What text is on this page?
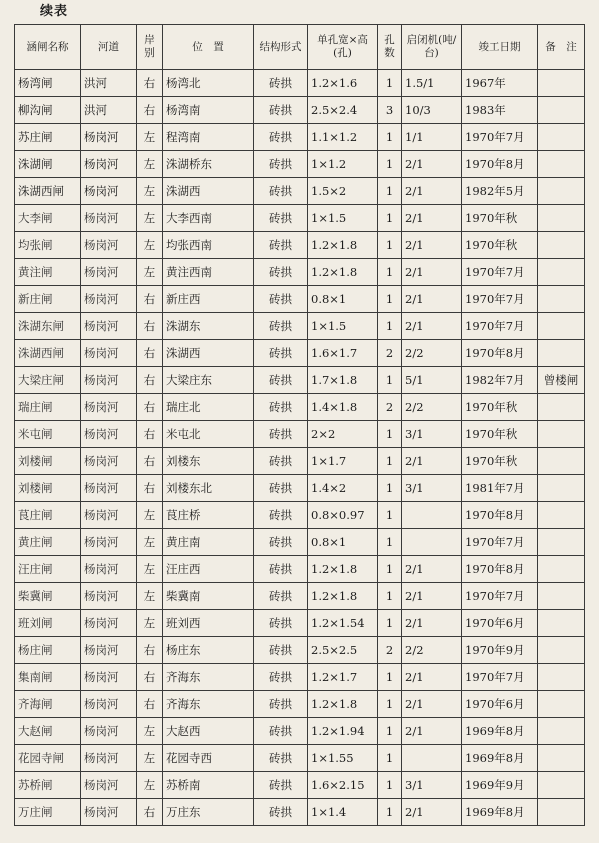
续表
涵闸名称	河道	岸别	位　置	结构形式	单孔宽×高(孔)	孔数	启闭机(吨/台)	竣工日期	备　注
杨湾闸	洪河	右	杨湾北	砖拱	1.2×1.6	1	1.5/1	1967年	
柳沟闸	洪河	右	杨湾南	砖拱	2.5×2.4	3	10/3	1983年	
苏庄闸	杨岗河	左	程湾南	砖拱	1.1×1.2	1	1/1	1970年7月	
洙湖闸	杨岗河	左	洙湖桥东	砖拱	1×1.2	1	2/1	1970年8月	
洙湖西闸	杨岗河	左	洙湖西	砖拱	1.5×2	1	2/1	1982年5月	
大李闸	杨岗河	左	大李西南	砖拱	1×1.5	1	2/1	1970年秋	
均张闸	杨岗河	左	均张西南	砖拱	1.2×1.8	1	2/1	1970年秋	
黄注闸	杨岗河	左	黄注西南	砖拱	1.2×1.8	1	2/1	1970年7月	
新庄闸	杨岗河	右	新庄西	砖拱	0.8×1	1	2/1	1970年7月	
洙湖东闸	杨岗河	右	洙湖东	砖拱	1×1.5	1	2/1	1970年7月	
洙湖西闸	杨岗河	右	洙湖西	砖拱	1.6×1.7	2	2/2	1970年8月	
大梁庄闸	杨岗河	右	大梁庄东	砖拱	1.7×1.8	1	5/1	1982年7月	曾楼闸
瑞庄闸	杨岗河	右	瑞庄北	砖拱	1.4×1.8	2	2/2	1970年秋	
米屯闸	杨岗河	右	米屯北	砖拱	2×2	1	3/1	1970年秋	
刘楼闸	杨岗河	右	刘楼东	砖拱	1×1.7	1	2/1	1970年秋	
刘楼闸	杨岗河	右	刘楼东北	砖拱	1.4×2	1	3/1	1981年7月	
茛庄闸	杨岗河	左	茛庄桥	砖拱	0.8×0.97	1		1970年8月	
黄庄闸	杨岗河	左	黄庄南	砖拱	0.8×1	1		1970年7月	
汪庄闸	杨岗河	左	汪庄西	砖拱	1.2×1.8	1	2/1	1970年8月	
柴冀闸	杨岗河	左	柴冀南	砖拱	1.2×1.8	1	2/1	1970年7月	
班刘闸	杨岗河	左	班刘西	砖拱	1.2×1.54	1	2/1	1970年6月	
杨庄闸	杨岗河	右	杨庄东	砖拱	2.5×2.5	2	2/2	1970年9月	
集南闸	杨岗河	右	齐海东	砖拱	1.2×1.7	1	2/1	1970年7月	
齐海闸	杨岗河	右	齐海东	砖拱	1.2×1.8	1	2/1	1970年6月	
大赵闸	杨岗河	左	大赵西	砖拱	1.2×1.94	1	2/1	1969年8月	
花园寺闸	杨岗河	左	花园寺西	砖拱	1×1.55	1		1969年8月	
苏桥闸	杨岗河	左	苏桥南	砖拱	1.6×2.15	1	3/1	1969年9月	
万庄闸	杨岗河	右	万庄东	砖拱	1×1.4	1	2/1	1969年8月	
